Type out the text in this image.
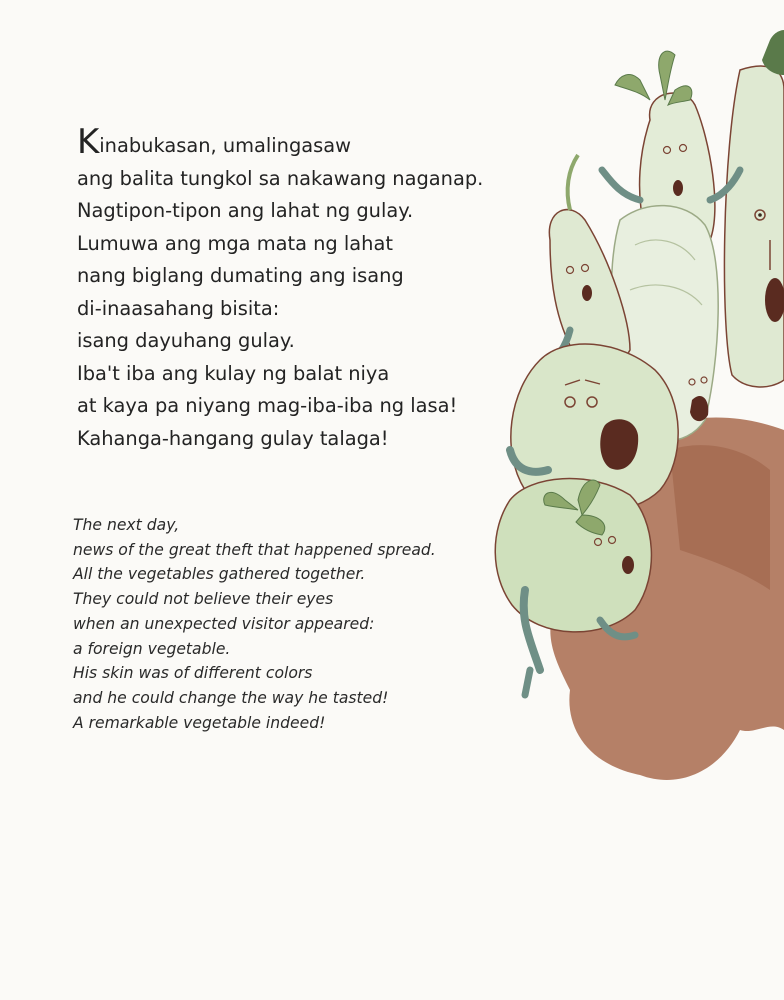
Kinabukasan, umalingasaw
ang balita tungkol sa nakawang naganap.
Nagtipon-tipon ang lahat ng gulay.
Lumuwa ang mga mata ng lahat
nang biglang dumating ang isang
di-inaasahang bisita:
isang dayuhang gulay.
Iba't iba ang kulay ng balat niya
at kaya pa niyang mag-iba-iba ng lasa!
Kahanga-hangang gulay talaga!
The next day,
news of the great theft that happened spread.
All the vegetables gathered together.
They could not believe their eyes
when an unexpected visitor appeared:
a foreign vegetable.
His skin was of different colors
and he could change the way he tasted!
A remarkable vegetable indeed!
